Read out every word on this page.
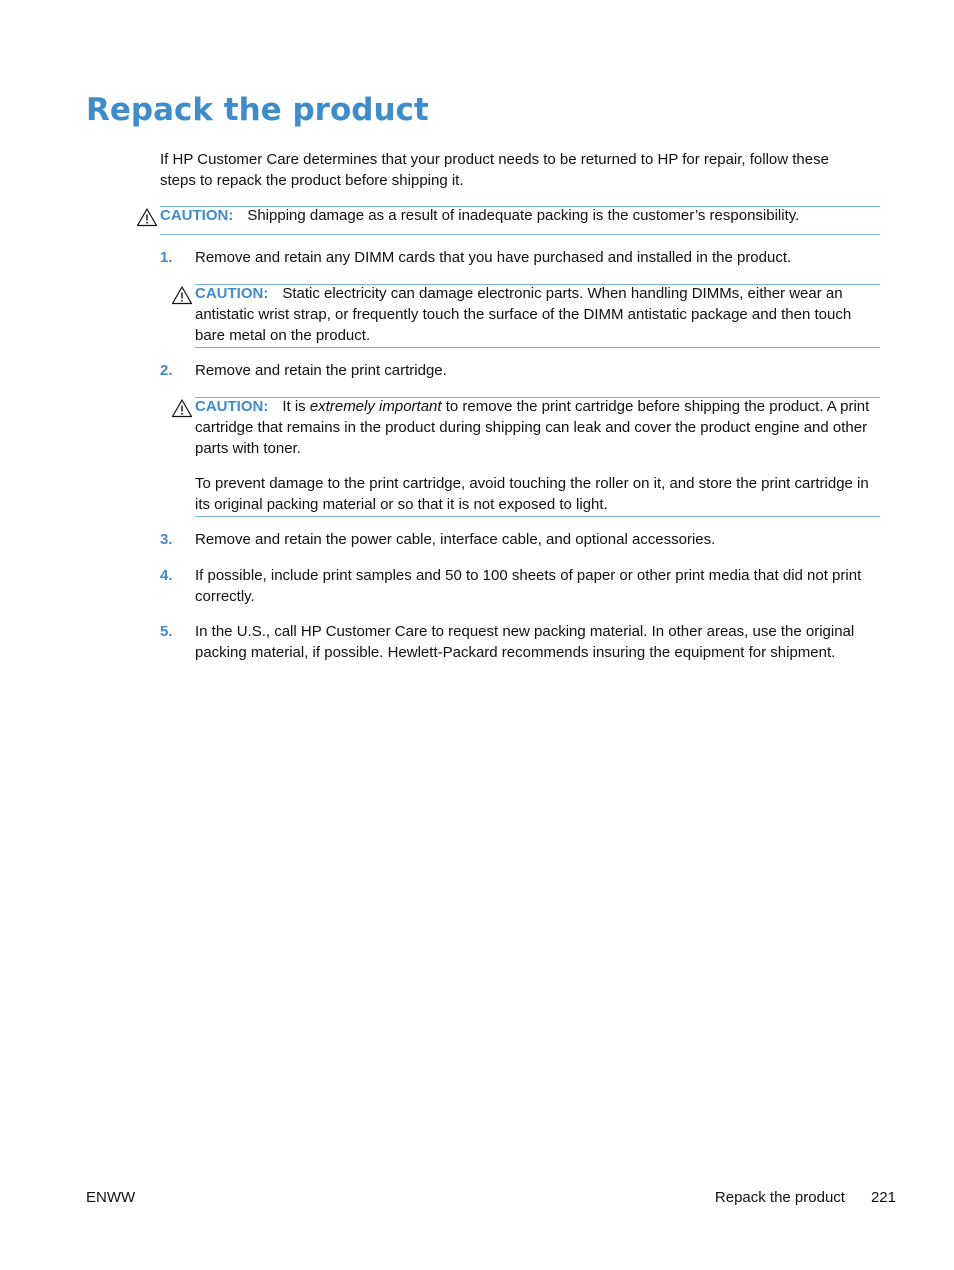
Repack the product

If HP Customer Care determines that your product needs to be returned to HP for repair, follow these steps to repack the product before shipping it.

CAUTION: Shipping damage as a result of inadequate packing is the customer’s responsibility.
1. Remove and retain any DIMM cards that you have purchased and installed in the product.
CAUTION: Static electricity can damage electronic parts. When handling DIMMs, either wear an antistatic wrist strap, or frequently touch the surface of the DIMM antistatic package and then touch bare metal on the product.
2. Remove and retain the print cartridge.
CAUTION: It is extremely important to remove the print cartridge before shipping the product. A print cartridge that remains in the product during shipping can leak and cover the product engine and other parts with toner.
To prevent damage to the print cartridge, avoid touching the roller on it, and store the print cartridge in its original packing material or so that it is not exposed to light.
3. Remove and retain the power cable, interface cable, and optional accessories.
4. If possible, include print samples and 50 to 100 sheets of paper or other print media that did not print correctly.
5. In the U.S., call HP Customer Care to request new packing material. In other areas, use the original packing material, if possible. Hewlett-Packard recommends insuring the equipment for shipment.
ENWW	Repack the product 221
